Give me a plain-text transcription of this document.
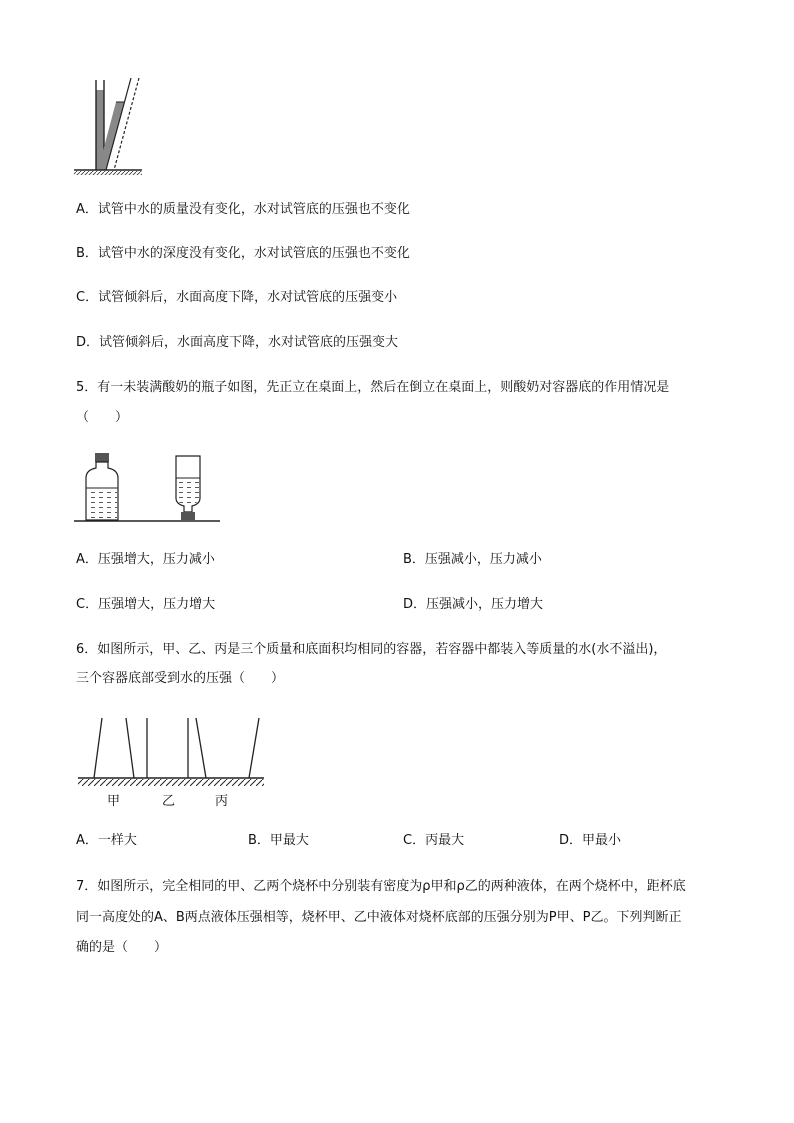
A．试管中水的质量没有变化，水对试管底的压强也不变化
B．试管中水的深度没有变化，水对试管底的压强也不变化
C．试管倾斜后，水面高度下降，水对试管底的压强变小
D．试管倾斜后，水面高度下降，水对试管底的压强变大
5．有一未装满酸奶的瓶子如图，先正立在桌面上，然后在倒立在桌面上，则酸奶对容器底的作用情况是
（　　）
A．压强增大，压力减小	B．压强减小，压力减小
C．压强增大，压力增大	D．压强减小，压力增大
6．如图所示，甲、乙、丙是三个质量和底面积均相同的容器，若容器中都装入等质量的水(水不溢出)，
三个容器底部受到水的压强（　　）
甲	乙	丙
A．一样大	B．甲最大	C．丙最大	D．甲最小
7．如图所示，完全相同的甲、乙两个烧杯中分别装有密度为ρ甲和ρ乙的两种液体，在两个烧杯中，距杯底
同一高度处的A、B两点液体压强相等，烧杯甲、乙中液体对烧杯底部的压强分别为P甲、P乙。下列判断正
确的是（　　）
